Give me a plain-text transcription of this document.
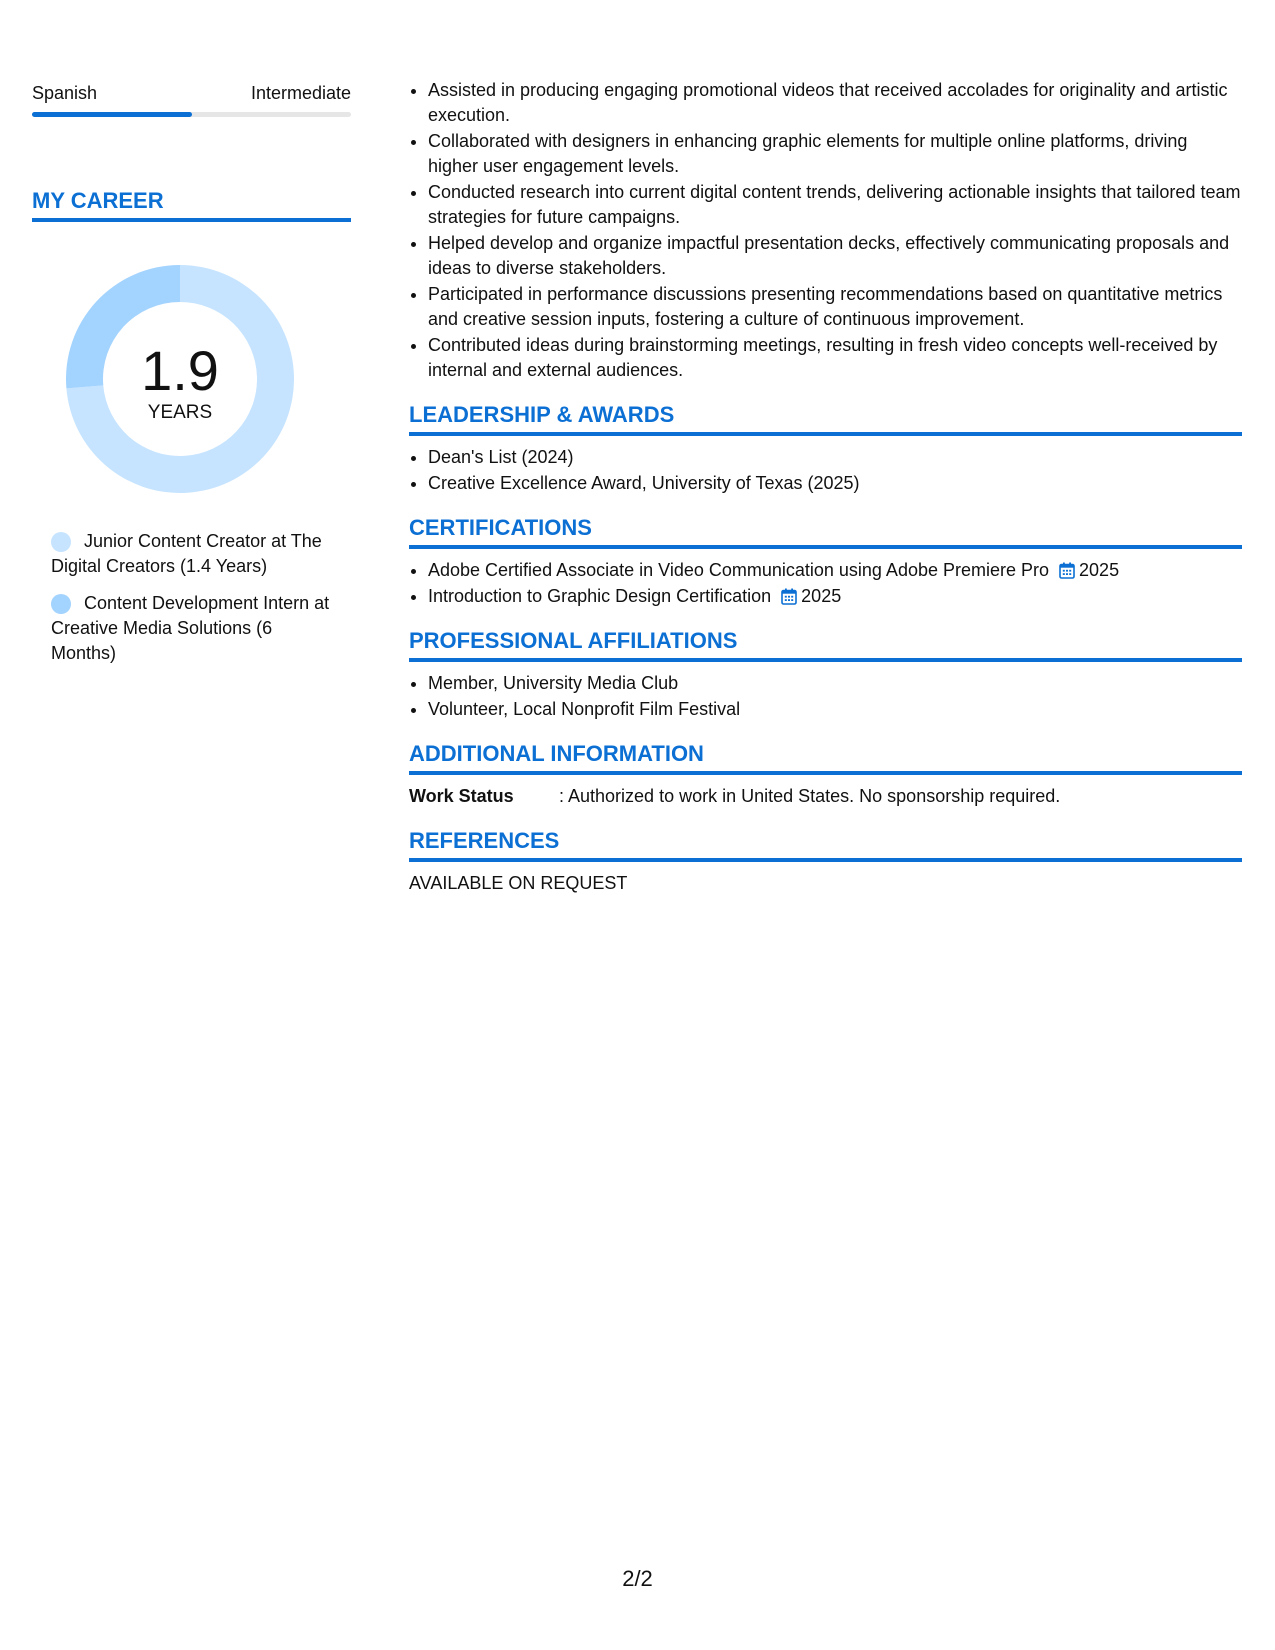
Spanish	Intermediate
MY CAREER
1.9
YEARS
Junior Content Creator at The Digital Creators (1.4 Years)
Content Development Intern at Creative Media Solutions (6 Months)
• Assisted in producing engaging promotional videos that received accolades for originality and artistic execution.
• Collaborated with designers in enhancing graphic elements for multiple online platforms, driving higher user engagement levels.
• Conducted research into current digital content trends, delivering actionable insights that tailored team strategies for future campaigns.
• Helped develop and organize impactful presentation decks, effectively communicating proposals and ideas to diverse stakeholders.
• Participated in performance discussions presenting recommendations based on quantitative metrics and creative session inputs, fostering a culture of continuous improvement.
• Contributed ideas during brainstorming meetings, resulting in fresh video concepts well-received by internal and external audiences.
LEADERSHIP & AWARDS
• Dean's List (2024)
• Creative Excellence Award, University of Texas (2025)
CERTIFICATIONS
• Adobe Certified Associate in Video Communication using Adobe Premiere Pro 2025
• Introduction to Graphic Design Certification 2025
PROFESSIONAL AFFILIATIONS
• Member, University Media Club
• Volunteer, Local Nonprofit Film Festival
ADDITIONAL INFORMATION
Work Status	: Authorized to work in United States. No sponsorship required.
REFERENCES
AVAILABLE ON REQUEST
2/2
